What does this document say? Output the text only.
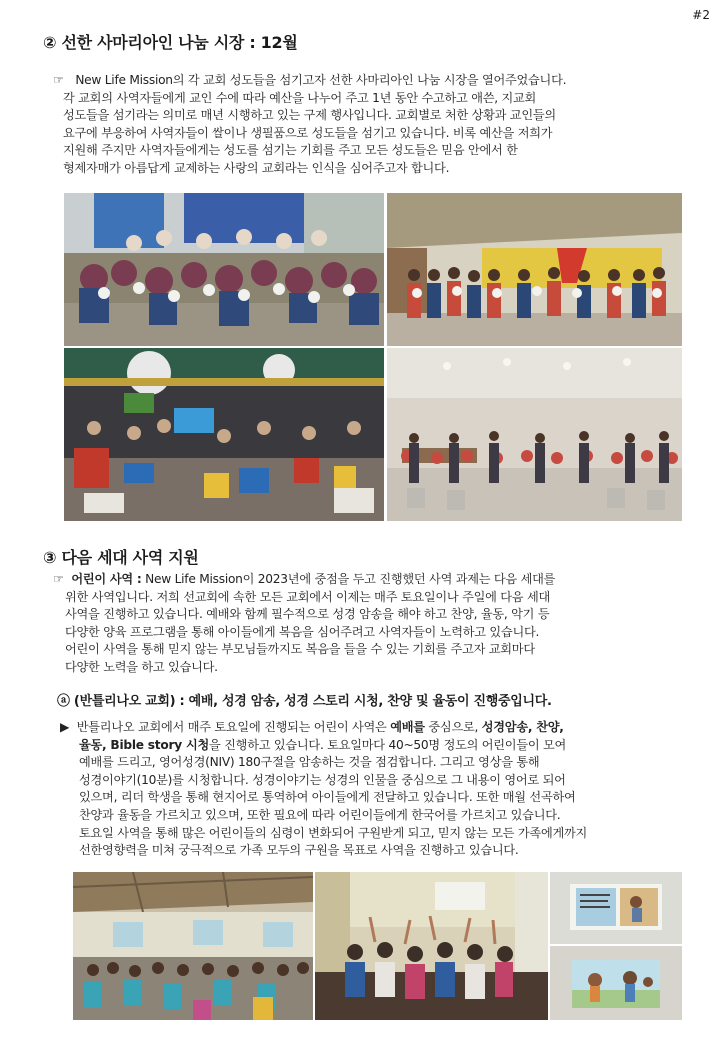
#2
② 선한 사마리아인 나눔 시장 : 12월
☞ New Life Mission의 각 교회 성도들을 섬기고자 선한 사마리아인 나눔 시장을 열어주었습니다.
각 교회의 사역자들에게 교인 수에 따라 예산을 나누어 주고 1년 동안 수고하고 애쓴, 지교회
성도들을 섬기라는 의미로 매년 시행하고 있는 구제 행사입니다. 교회별로 처한 상황과 교인들의
요구에 부응하여 사역자들이 쌀이나 생필품으로 성도들을 섬기고 있습니다. 비록 예산을 저희가
지원해 주지만 사역자들에게는 성도를 섬기는 기회를 주고 모든 성도들은 믿음 안에서 한
형제자매가 아름답게 교제하는 사랑의 교회라는 인식을 심어주고자 합니다.
③ 다음 세대 사역 지원
☞ 어린이 사역 : New Life Mission이 2023년에 중점을 두고 진행했던 사역 과제는 다음 세대를
위한 사역입니다. 저희 선교회에 속한 모든 교회에서 이제는 매주 토요일이나 주일에 다음 세대
사역을 진행하고 있습니다. 예배와 함께 필수적으로 성경 암송을 해야 하고 찬양, 율동, 악기 등
다양한 양육 프로그램을 통해 아이들에게 복음을 심어주려고 사역자들이 노력하고 있습니다.
어린이 사역을 통해 믿지 않는 부모님들까지도 복음을 들을 수 있는 기회를 주고자 교회마다
다양한 노력을 하고 있습니다.
ⓐ (반틀리나오 교회) : 예배, 성경 암송, 성경 스토리 시청, 찬양 및 율동이 진행중입니다.
▶ 반틀리나오 교회에서 매주 토요일에 진행되는 어린이 사역은 예배를 중심으로, 성경암송, 찬양,
율동, Bible story 시청을 진행하고 있습니다. 토요일마다 40~50명 정도의 어린이들이 모여
예배를 드리고, 영어성경(NIV) 180구절을 암송하는 것을 점검합니다. 그리고 영상을 통해
성경이야기(10분)를 시청합니다. 성경이야기는 성경의 인물을 중심으로 그 내용이 영어로 되어
있으며, 리더 학생을 통해 현지어로 통역하여 아이들에게 전달하고 있습니다. 또한 매월 선곡하여
찬양과 율동을 가르치고 있으며, 또한 필요에 따라 어린이들에게 한국어를 가르치고 있습니다.
토요일 사역을 통해 많은 어린이들의 심령이 변화되어 구원받게 되고, 믿지 않는 모든 가족에게까지
선한영향력을 미쳐 궁극적으로 가족 모두의 구원을 목표로 사역을 진행하고 있습니다.
